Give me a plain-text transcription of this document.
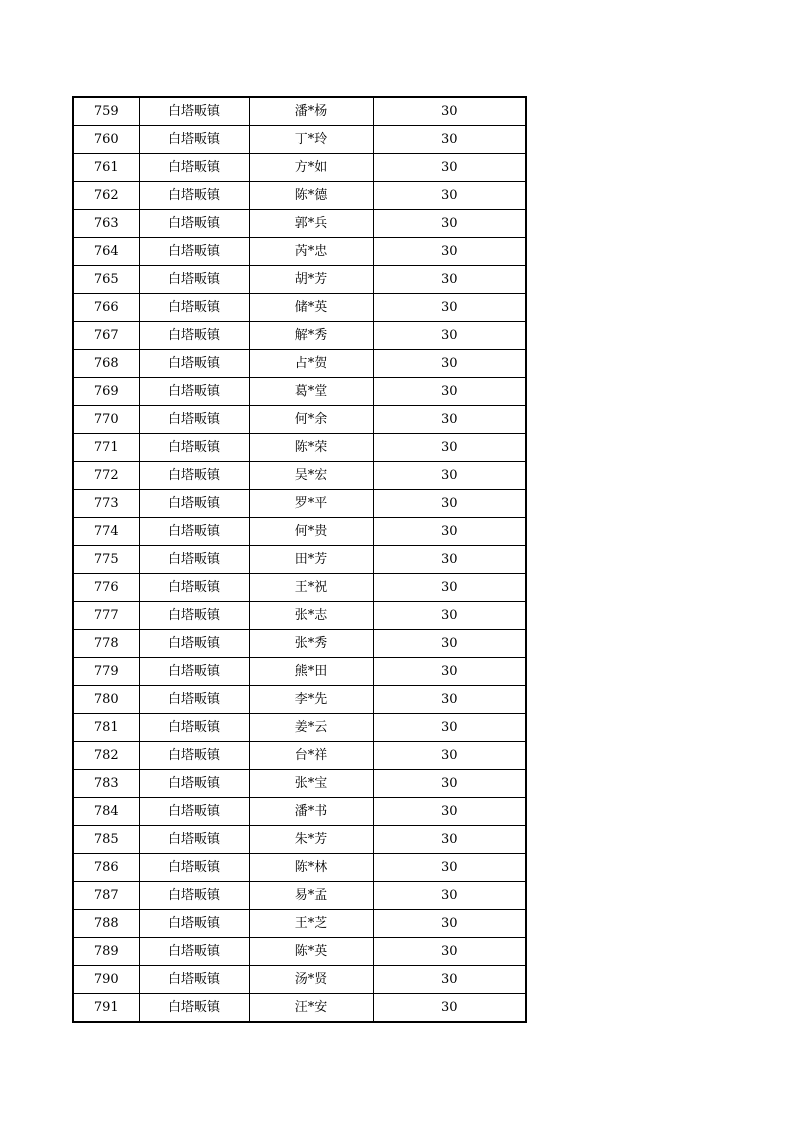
759	白塔畈镇	潘*杨	30
760	白塔畈镇	丁*玲	30
761	白塔畈镇	方*如	30
762	白塔畈镇	陈*德	30
763	白塔畈镇	郭*兵	30
764	白塔畈镇	芮*忠	30
765	白塔畈镇	胡*芳	30
766	白塔畈镇	储*英	30
767	白塔畈镇	解*秀	30
768	白塔畈镇	占*贺	30
769	白塔畈镇	葛*堂	30
770	白塔畈镇	何*余	30
771	白塔畈镇	陈*荣	30
772	白塔畈镇	吴*宏	30
773	白塔畈镇	罗*平	30
774	白塔畈镇	何*贵	30
775	白塔畈镇	田*芳	30
776	白塔畈镇	王*祝	30
777	白塔畈镇	张*志	30
778	白塔畈镇	张*秀	30
779	白塔畈镇	熊*田	30
780	白塔畈镇	李*先	30
781	白塔畈镇	姜*云	30
782	白塔畈镇	台*祥	30
783	白塔畈镇	张*宝	30
784	白塔畈镇	潘*书	30
785	白塔畈镇	朱*芳	30
786	白塔畈镇	陈*林	30
787	白塔畈镇	易*孟	30
788	白塔畈镇	王*芝	30
789	白塔畈镇	陈*英	30
790	白塔畈镇	汤*贤	30
791	白塔畈镇	汪*安	30
